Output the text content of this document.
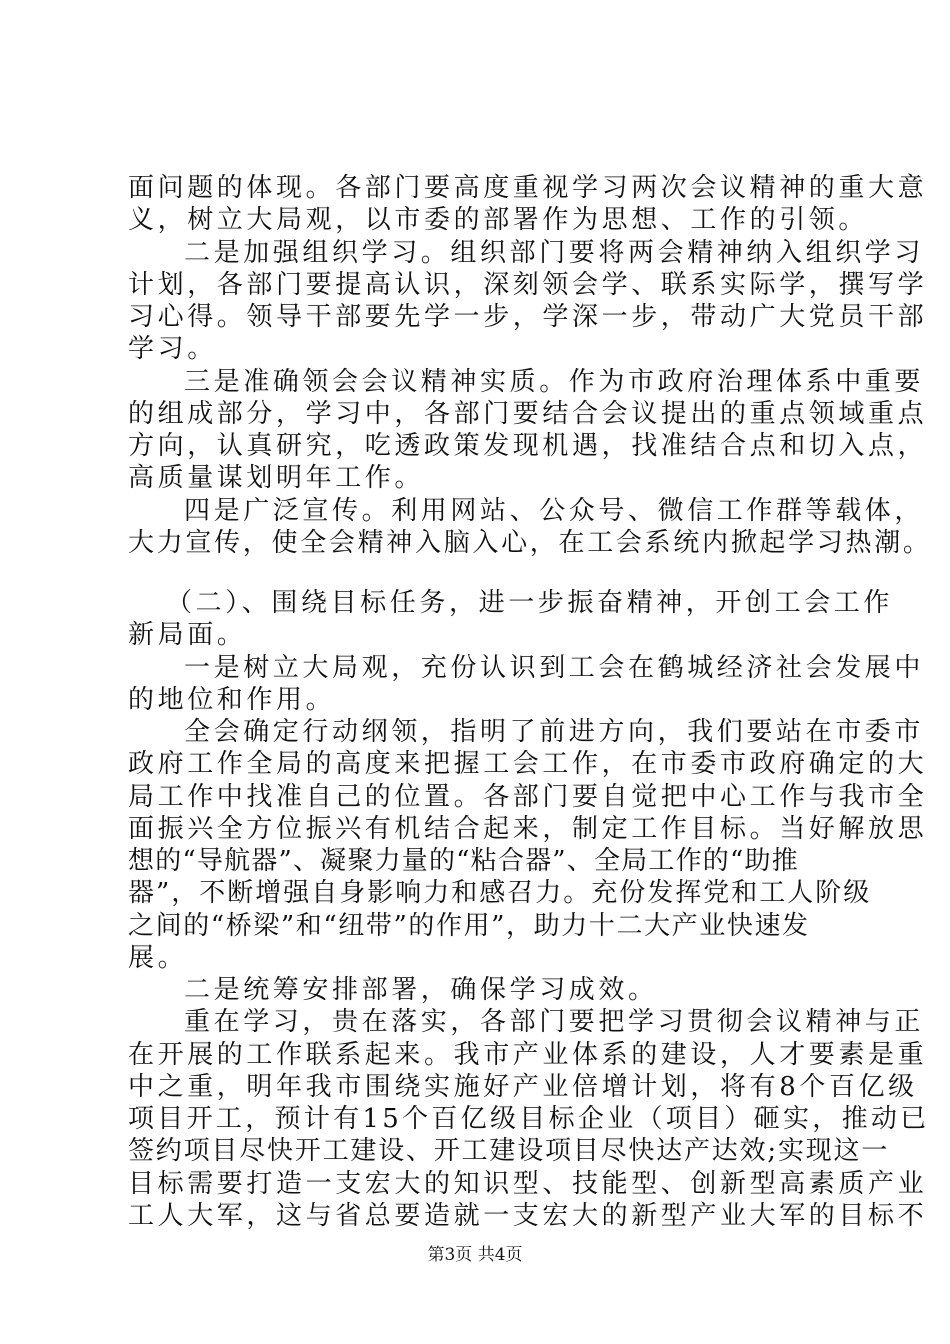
面问题的体现。各部门要高度重视学习两次会议精神的重大意
义，树立大局观，以市委的部署作为思想、工作的引领。
二是加强组织学习。组织部门要将两会精神纳入组织学习
计划，各部门要提高认识，深刻领会学、联系实际学，撰写学
习心得。领导干部要先学一步，学深一步，带动广大党员干部
学习。
三是准确领会会议精神实质。作为市政府治理体系中重要
的组成部分，学习中，各部门要结合会议提出的重点领域重点
方向，认真研究，吃透政策发现机遇，找准结合点和切入点，
高质量谋划明年工作。
四是广泛宣传。利用网站、公众号、微信工作群等载体，
大力宣传，使全会精神入脑入心，在工会系统内掀起学习热潮。
（二）、围绕目标任务，进一步振奋精神，开创工会工作
新局面。
一是树立大局观，充份认识到工会在鹤城经济社会发展中
的地位和作用。
全会确定行动纲领，指明了前进方向，我们要站在市委市
政府工作全局的高度来把握工会工作，在市委市政府确定的大
局工作中找准自己的位置。各部门要自觉把中心工作与我市全
面振兴全方位振兴有机结合起来，制定工作目标。当好解放思
想的“导航器”、凝聚力量的“粘合器”、全局工作的“助推
器”，不断增强自身影响力和感召力。充份发挥党和工人阶级
之间的“桥梁”和“纽带”的作用”，助力十二大产业快速发
展。
二是统筹安排部署，确保学习成效。
重在学习，贵在落实，各部门要把学习贯彻会议精神与正
在开展的工作联系起来。我市产业体系的建设，人才要素是重
中之重，明年我市围绕实施好产业倍增计划，将有8个百亿级
项目开工，预计有15个百亿级目标企业（项目）砸实，推动已
签约项目尽快开工建设、开工建设项目尽快达产达效;实现这一
目标需要打造一支宏大的知识型、技能型、创新型高素质产业
工人大军，这与省总要造就一支宏大的新型产业大军的目标不
第3页 共4页
